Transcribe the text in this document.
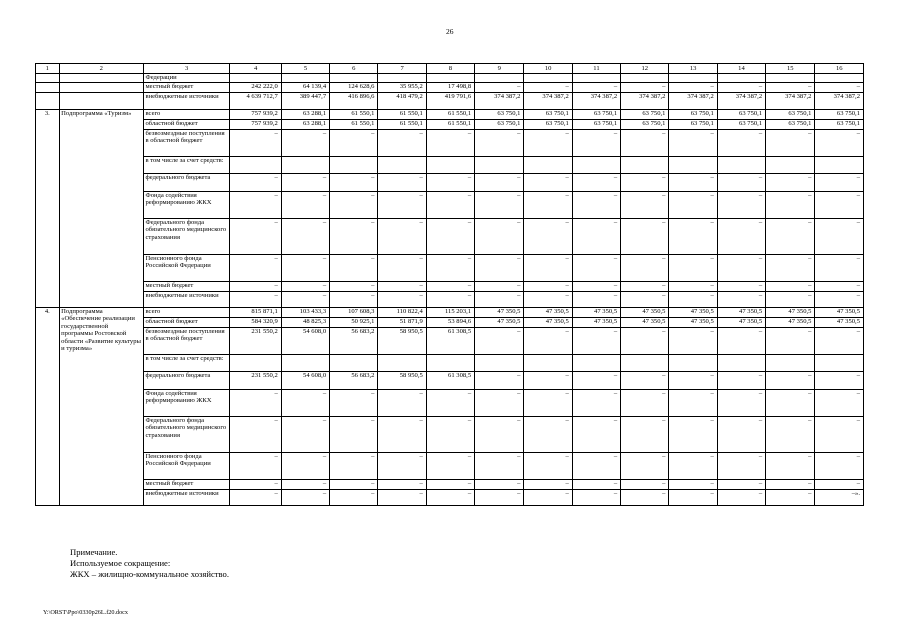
26
1	2	3	4	5	6	7	8	9	10	11	12	13	14	15	16
		Федерации													
		местный бюджет	242 222,0	64 139,4	124 628,6	35 955,2	17 498,8	–	–	–	–	–	–	–	–
		внебюджетные источники	4 639 712,7	389 447,7	416 896,6	418 479,2	419 791,6	374 387,2	374 387,2	374 387,2	374 387,2	374 387,2	374 387,2	374 387,2	374 387,2
3.	Подпрограмма «Туризм»	всего	757 939,2	63 288,1	61 550,1	61 550,1	61 550,1	63 750,1	63 750,1	63 750,1	63 750,1	63 750,1	63 750,1	63 750,1	63 750,1
		областной бюджет	757 939,2	63 288,1	61 550,1	61 550,1	61 550,1	63 750,1	63 750,1	63 750,1	63 750,1	63 750,1	63 750,1	63 750,1	63 750,1
		безвозмездные поступления в областной бюджет	–	–	–	–	–	–	–	–	–	–	–	–	–
		в том числе за счет средств:													
		федерального бюджета	–	–	–	–	–	–	–	–	–	–	–	–	–
		Фонда содействия реформированию ЖКХ	–	–	–	–	–	–	–	–	–	–	–	–	–
		Федерального фонда обязательного медицинского страхования	–	–	–	–	–	–	–	–	–	–	–	–	–
		Пенсионного фонда Российской Федерации	–	–	–	–	–	–	–	–	–	–	–	–	–
		местный бюджет	–	–	–	–	–	–	–	–	–	–	–	–	–
		внебюджетные источники	–	–	–	–	–	–	–	–	–	–	–	–	–
4.	Подпрограмма «Обеспечение реализации государственной программы Ростовской области «Развитие культуры и туризма»	всего	815 871,1	103 433,3	107 608,3	110 822,4	115 203,1	47 350,5	47 350,5	47 350,5	47 350,5	47 350,5	47 350,5	47 350,5	47 350,5
		областной бюджет	584 320,9	48 825,3	50 925,1	51 871,9	53 894,6	47 350,5	47 350,5	47 350,5	47 350,5	47 350,5	47 350,5	47 350,5	47 350,5
		безвозмездные поступления в областной бюджет	231 550,2	54 608,0	56 683,2	58 950,5	61 308,5	–	–	–	–	–	–	–	–
		в том числе за счет средств:													
		федерального бюджета	231 550,2	54 608,0	56 683,2	58 950,5	61 308,5	–	–	–	–	–	–	–	–
		Фонда содействия реформированию ЖКХ	–	–	–	–	–	–	–	–	–	–	–	–	–
		Федерального фонда обязательного медицинского страхования	–	–	–	–	–	–	–	–	–	–	–	–	–
		Пенсионного фонда Российской Федерации	–	–	–	–	–	–	–	–	–	–	–	–	–
		местный бюджет	–	–	–	–	–	–	–	–	–	–	–	–	–
		внебюджетные источники	–	–	–	–	–	–	–	–	–	–	–	–	–».
Примечание.
Используемое сокращение:
ЖКХ – жилищно-коммунальное хозяйство.
Y:\ORST\Ppo\0330p26L.f20.docx
